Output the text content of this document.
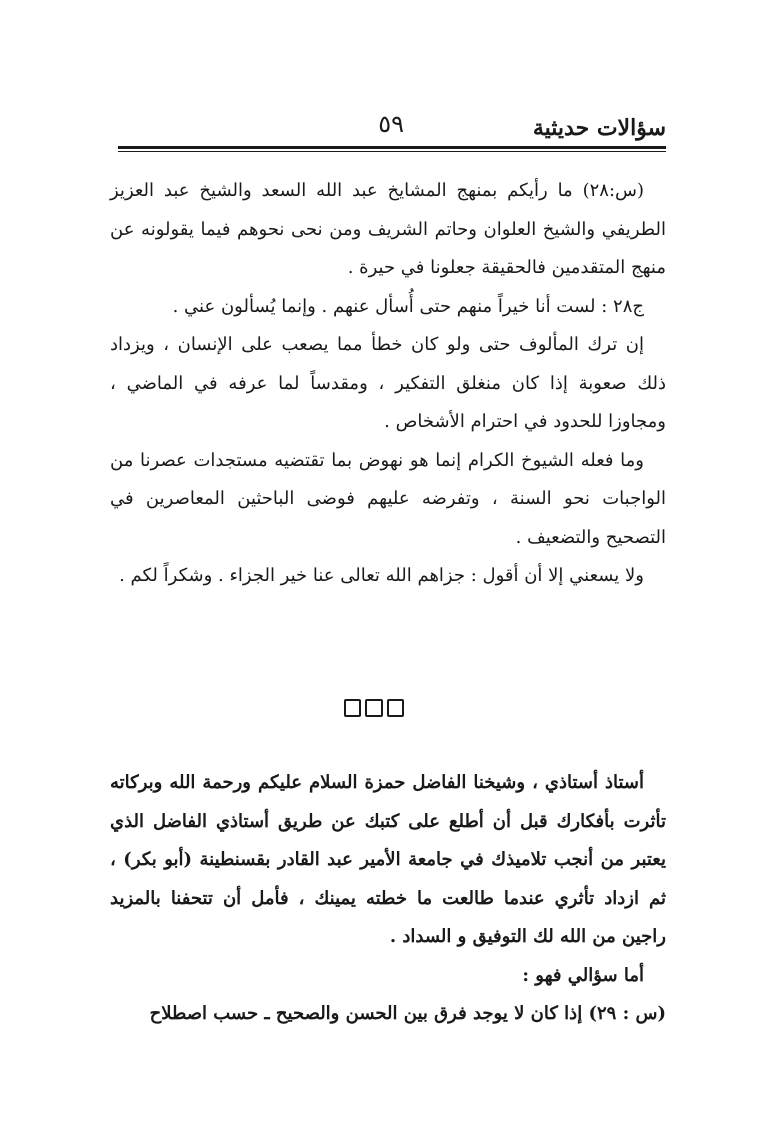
سؤالات حديثية
٥٩

(س:٢٨) ما رأيكم بمنهج المشايخ عبد الله السعد والشيخ عبد العزيز الطريفي والشيخ العلوان وحاتم الشريف ومن نحى نحوهم فيما يقولونه عن منهج المتقدمين فالحقيقة جعلونا في حيرة .

ج٢٨ : لست أنا خيراً منهم حتى أُسأل عنهم . وإنما يُسألون عني .

إن ترك المألوف حتى ولو كان خطأ مما يصعب على الإنسان ، ويزداد ذلك صعوبة إذا كان منغلق التفكير ، ومقدساً لما عرفه في الماضي ، ومجاوزا للحدود في احترام الأشخاص .

وما فعله الشيوخ الكرام إنما هو نهوض بما تقتضيه مستجدات عصرنا من الواجبات نحو السنة ، وتفرضه عليهم فوضى الباحثين المعاصرين في التصحيح والتضعيف .

ولا يسعني إلا أن أقول : جزاهم الله تعالى عنا خير الجزاء . وشكراً لكم .

أستاذ أستاذي ، وشيخنا الفاضل حمزة السلام عليكم ورحمة الله وبركاته تأثرت بأفكارك قبل أن أطلع على كتبك عن طريق أستاذي الفاضل الذي يعتبر من أنجب تلاميذك في جامعة الأمير عبد القادر بقسنطينة (أبو بكر) ، ثم ازداد تأثري عندما طالعت ما خطته يمينك ، فأمل أن تتحفنا بالمزيد راجين من الله لك التوفيق و السداد .

أما سؤالي فهو :

(س : ٢٩) إذا كان لا يوجد فرق بين الحسن والصحيح ـ حسب اصطلاح
